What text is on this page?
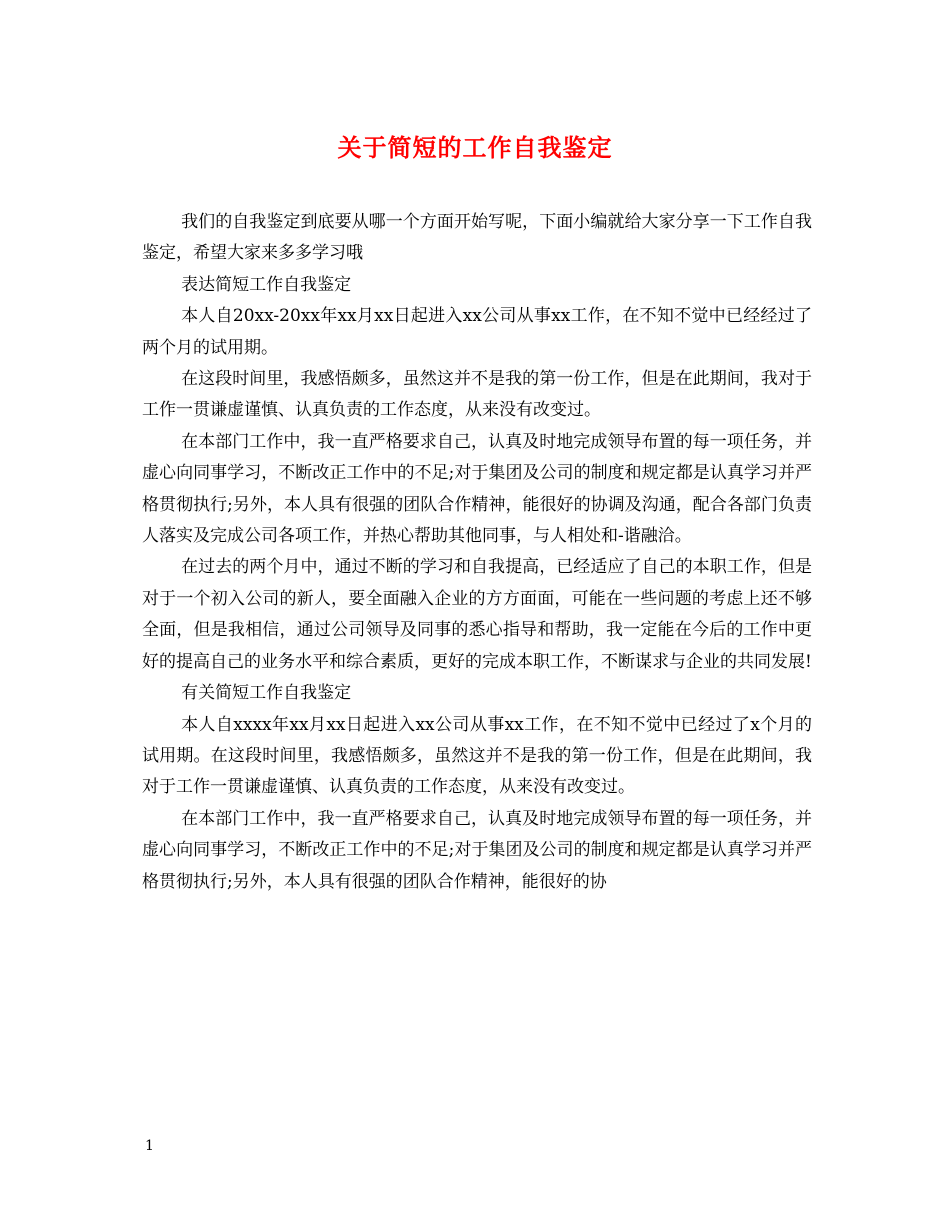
关于简短的工作自我鉴定

我们的自我鉴定到底要从哪一个方面开始写呢，下面小编就给大家分享一下工作自我鉴定，希望大家来多多学习哦

表达简短工作自我鉴定

本人自20xx-20xx年xx月xx日起进入xx公司从事xx工作，在不知不觉中已经经过了两个月的试用期。

在这段时间里，我感悟颇多，虽然这并不是我的第一份工作，但是在此期间，我对于工作一贯谦虚谨慎、认真负责的工作态度，从来没有改变过。

在本部门工作中，我一直严格要求自己，认真及时地完成领导布置的每一项任务，并虚心向同事学习，不断改正工作中的不足;对于集团及公司的制度和规定都是认真学习并严格贯彻执行;另外，本人具有很强的团队合作精神，能很好的协调及沟通，配合各部门负责人落实及完成公司各项工作，并热心帮助其他同事，与人相处和-谐融洽。

在过去的两个月中，通过不断的学习和自我提高，已经适应了自己的本职工作，但是对于一个初入公司的新人，要全面融入企业的方方面面，可能在一些问题的考虑上还不够全面，但是我相信，通过公司领导及同事的悉心指导和帮助，我一定能在今后的工作中更好的提高自己的业务水平和综合素质，更好的完成本职工作，不断谋求与企业的共同发展!

有关简短工作自我鉴定

本人自xxxx年xx月xx日起进入xx公司从事xx工作，在不知不觉中已经过了x个月的试用期。在这段时间里，我感悟颇多，虽然这并不是我的第一份工作，但是在此期间，我对于工作一贯谦虚谨慎、认真负责的工作态度，从来没有改变过。

在本部门工作中，我一直严格要求自己，认真及时地完成领导布置的每一项任务，并虚心向同事学习，不断改正工作中的不足;对于集团及公司的制度和规定都是认真学习并严格贯彻执行;另外，本人具有很强的团队合作精神，能很好的协

1
